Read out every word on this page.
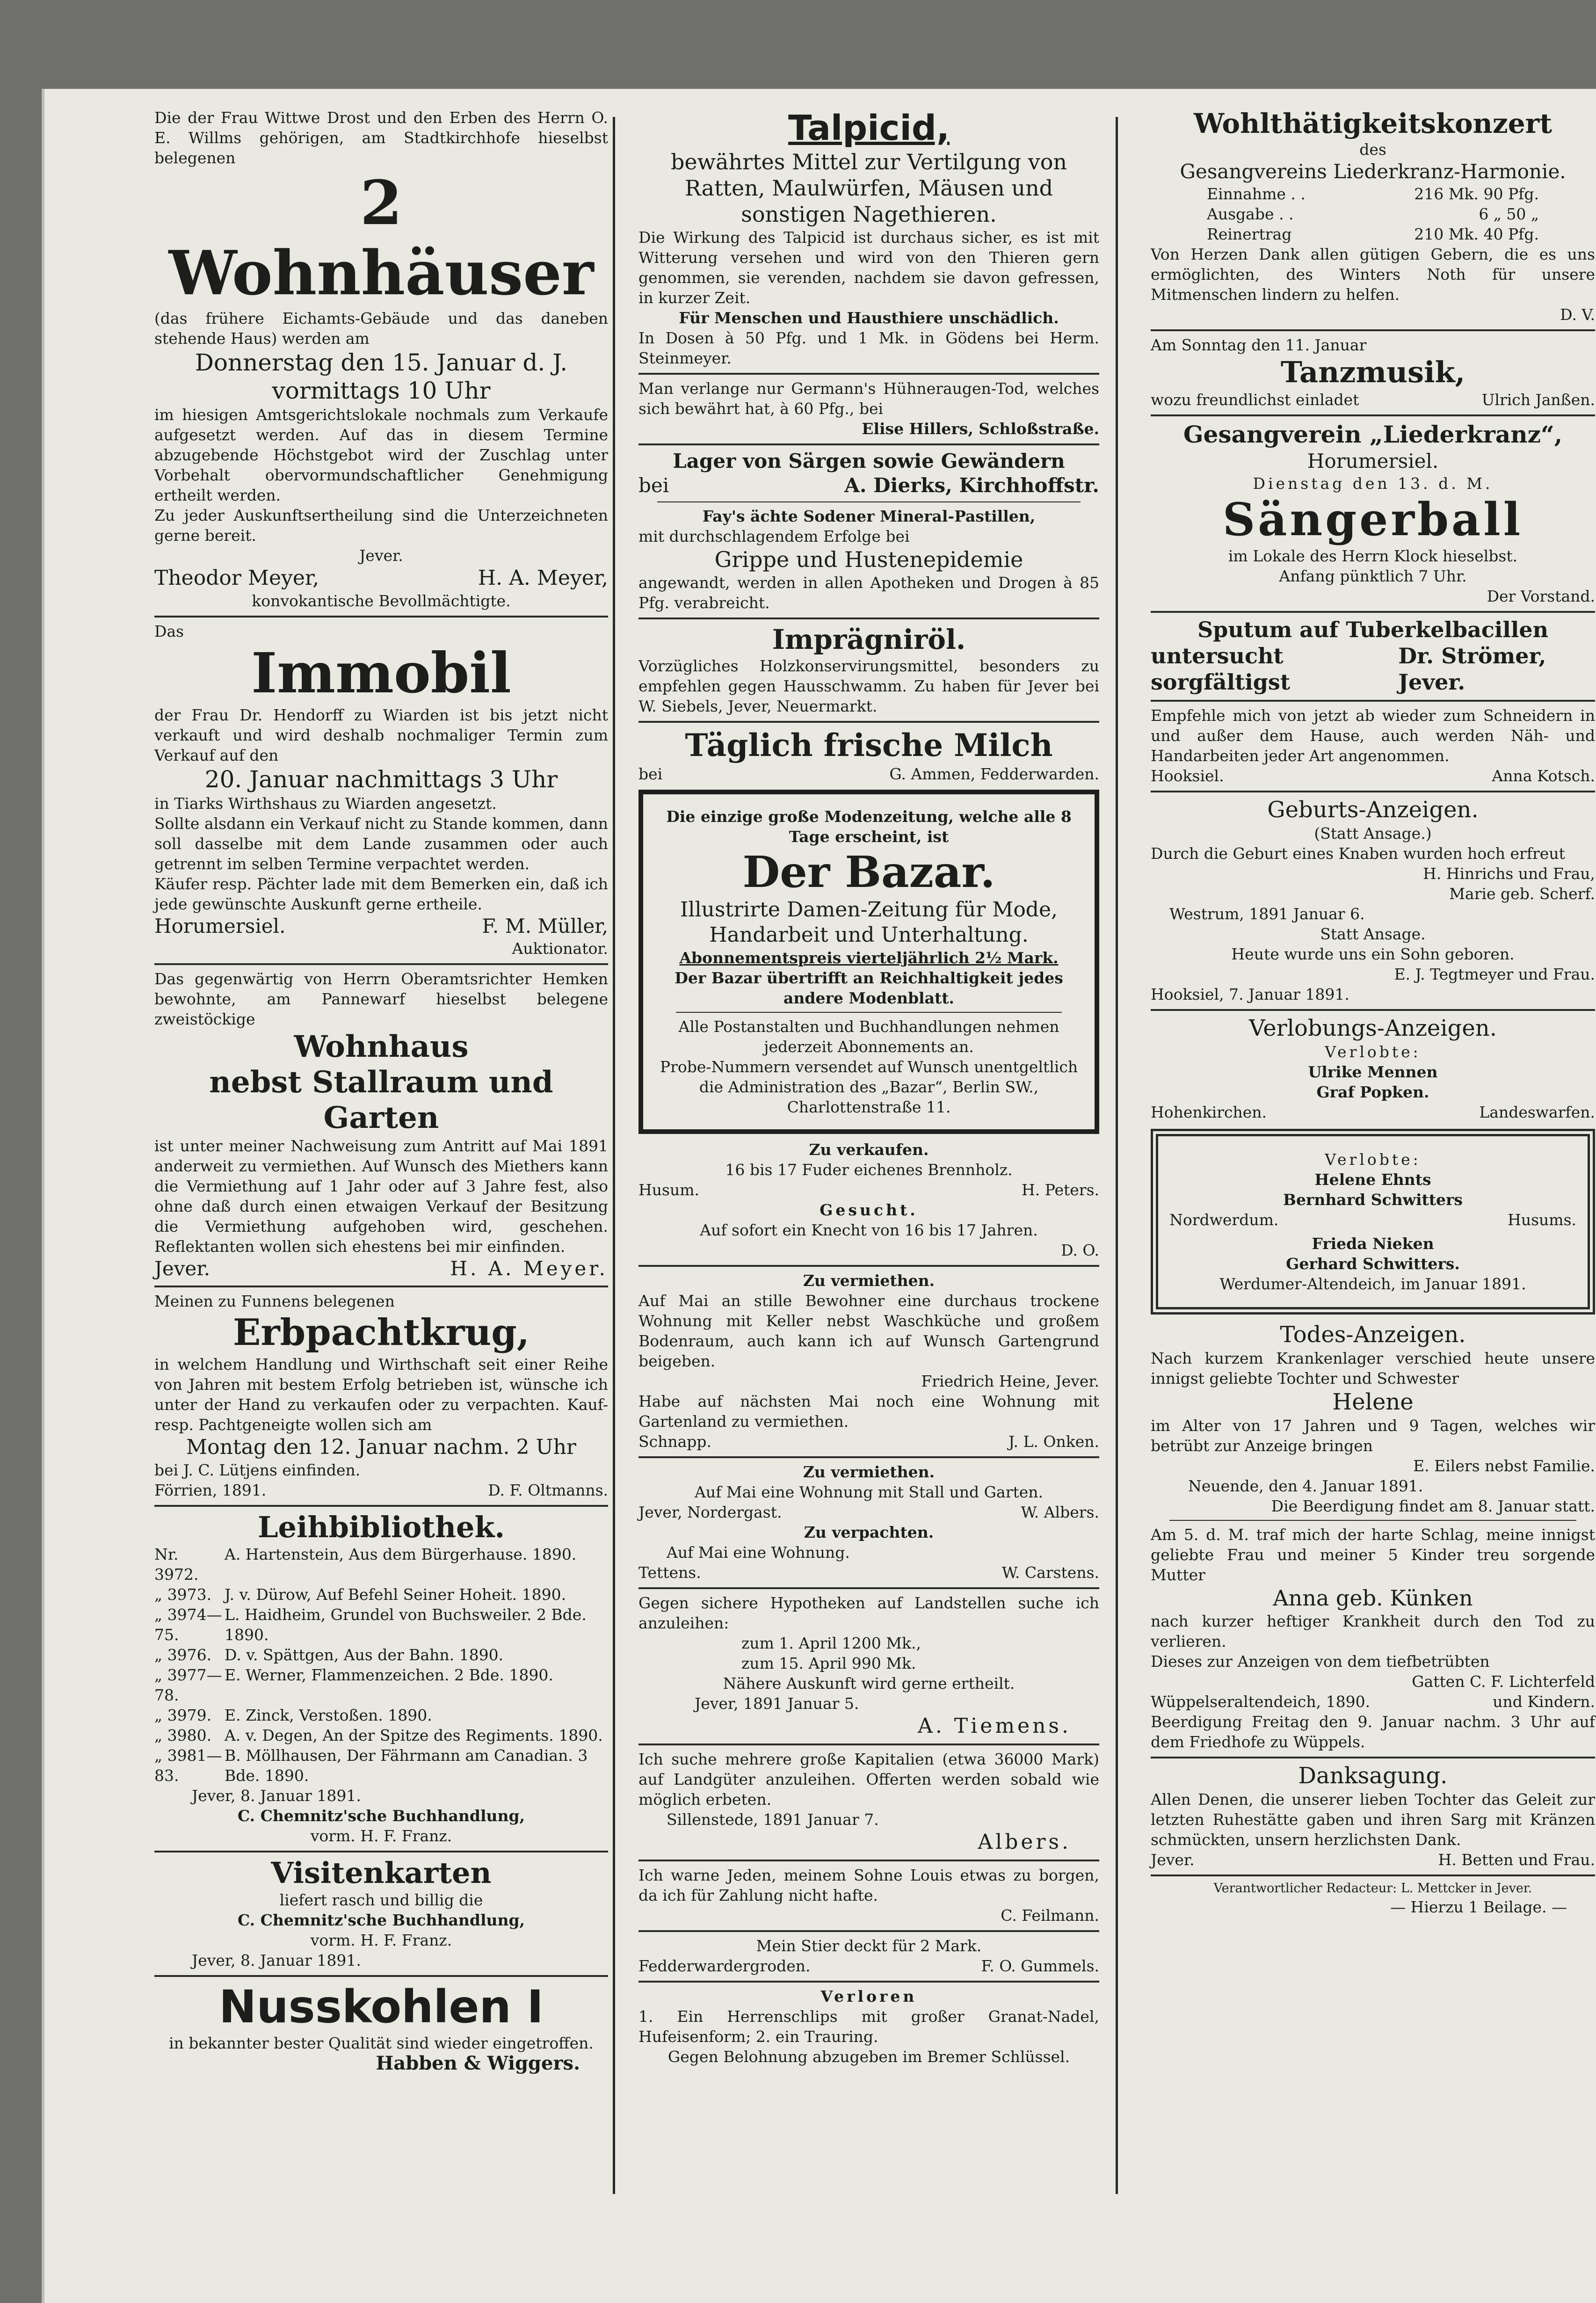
Die der Frau Wittwe Drost und den Erben des Herrn O. E. Willms gehörigen, am Stadtkirchhofe hieselbst belegenen

2 Wohnhäuser

(das frühere Eichamts-Gebäude und das daneben stehende Haus) werden am

Donnerstag den 15. Januar d. J.

vormittags 10 Uhr

im hiesigen Amtsgerichtslokale nochmals zum Verkaufe aufgesetzt werden. Auf das in diesem Termine abzugebende Höchstgebot wird der Zuschlag unter Vorbehalt obervormundschaftlicher Genehmigung ertheilt werden.

Zu jeder Auskunftsertheilung sind die Unterzeichneten gerne bereit.

Jever.

Theodor Meyer,	H. A. Meyer,

konvokantische Bevollmächtigte.

Das

Immobil

der Frau Dr. Hendorff zu Wiarden ist bis jetzt nicht verkauft und wird deshalb nochmaliger Termin zum Verkauf auf den

20. Januar nachmittags 3 Uhr

in Tiarks Wirthshaus zu Wiarden angesetzt.

Sollte alsdann ein Verkauf nicht zu Stande kommen, dann soll dasselbe mit dem Lande zusammen oder auch getrennt im selben Termine verpachtet werden.

Käufer resp. Pächter lade mit dem Bemerken ein, daß ich jede gewünschte Auskunft gerne ertheile.

Horumersiel.	F. M. Müller,

Auktionator.

Das gegenwärtig von Herrn Oberamtsrichter Hemken bewohnte, am Pannewarf hieselbst belegene zweistöckige

Wohnhaus

nebst Stallraum und Garten

ist unter meiner Nachweisung zum Antritt auf Mai 1891 anderweit zu vermiethen. Auf Wunsch des Miethers kann die Vermiethung auf 1 Jahr oder auf 3 Jahre fest, also ohne daß durch einen etwaigen Verkauf der Besitzung die Vermiethung aufgehoben wird, geschehen. Reflektanten wollen sich ehestens bei mir einfinden.

Jever.	H. A. Meyer.

Meinen zu Funnens belegenen

Erbpachtkrug,

in welchem Handlung und Wirthschaft seit einer Reihe von Jahren mit bestem Erfolg betrieben ist, wünsche ich unter der Hand zu verkaufen oder zu verpachten. Kauf- resp. Pachtgeneigte wollen sich am

Montag den 12. Januar nachm. 2 Uhr

bei J. C. Lütjens einfinden.

Förrien, 1891.	D. F. Oltmanns.

Leihbibliothek.

Nr. 3972.
A. Hartenstein, Aus dem Bürgerhause. 1890.
„ 3973. J. v. Dürow, Auf Befehl Seiner Hoheit. 1890.
„ 3974—75.
L. Haidheim, Grundel von Buchsweiler. 2 Bde. 1890.
„ 3976. D. v. Spättgen, Aus der Bahn. 1890.
„ 3977—78.
E. Werner, Flammenzeichen. 2 Bde. 1890.
„ 3979. E. Zinck, Verstoßen. 1890.
„ 3980. A. v. Degen, An der Spitze des Regiments. 1890.
„ 3981—83.
B. Möllhausen, Der Fährmann am Canadian. 3 Bde. 1890.

Jever, 8. Januar 1891.

C. Chemnitz'sche Buchhandlung,

vorm. H. F. Franz.

Visitenkarten

liefert rasch und billig die

C. Chemnitz'sche Buchhandlung,

vorm. H. F. Franz.

Jever, 8. Januar 1891.

Nusskohlen I

in bekannter bester Qualität sind wieder eingetroffen.

Habben & Wiggers.

Talpicid,

bewährtes Mittel zur Vertilgung von Ratten, Maulwürfen, Mäusen und sonstigen Nagethieren.

Die Wirkung des Talpicid ist durchaus sicher, es ist mit Witterung versehen und wird von den Thieren gern genommen, sie verenden, nachdem sie davon gefressen, in kurzer Zeit.

Für Menschen und Hausthiere unschädlich.

In Dosen à 50 Pfg. und 1 Mk. in Gödens bei Herm. Steinmeyer.

Man verlange nur Germann's Hühneraugen-Tod, welches sich bewährt hat, à 60 Pfg., bei

Elise Hillers, Schloßstraße.

Lager von Särgen sowie Gewändern

bei	A. Dierks, Kirchhoffstr.

Fay's ächte Sodener Mineral-Pastillen,

mit durchschlagendem Erfolge bei

Grippe und Hustenepidemie

angewandt, werden in allen Apotheken und Drogen à 85 Pfg. verabreicht.

Imprägniröl.

Vorzügliches Holzkonservirungsmittel, besonders zu empfehlen gegen Hausschwamm. Zu haben für Jever bei W. Siebels, Jever, Neuermarkt.

Täglich frische Milch

bei	G. Ammen, Fedderwarden.

Die einzige große Modenzeitung, welche alle 8 Tage erscheint, ist

Der Bazar.

Illustrirte Damen-Zeitung für Mode, Handarbeit und Unterhaltung.

Abonnementspreis vierteljährlich 2½ Mark.

Der Bazar übertrifft an Reichhaltigkeit jedes andere Modenblatt.

Alle Postanstalten und Buchhandlungen nehmen jederzeit Abonnements an.

Probe-Nummern versendet auf Wunsch unentgeltlich die Administration des „Bazar“, Berlin SW., Charlottenstraße 11.

Zu verkaufen.

16 bis 17 Fuder eichenes Brennholz.

Husum.	H. Peters.

Gesucht.

Auf sofort ein Knecht von 16 bis 17 Jahren.

D. O.

Zu vermiethen.

Auf Mai an stille Bewohner eine durchaus trockene Wohnung mit Keller nebst Waschküche und großem Bodenraum, auch kann ich auf Wunsch Gartengrund beigeben.

Friedrich Heine, Jever.

Habe auf nächsten Mai noch eine Wohnung mit Gartenland zu vermiethen.

Schnapp.	J. L. Onken.

Zu vermiethen.

Auf Mai eine Wohnung mit Stall und Garten.

Jever, Nordergast.	W. Albers.

Zu verpachten.

Auf Mai eine Wohnung.

Tettens.	W. Carstens.

Gegen sichere Hypotheken auf Landstellen suche ich anzuleihen:

zum 1. April 1200 Mk.,

zum 15. April 990 Mk.

Nähere Auskunft wird gerne ertheilt.

Jever, 1891 Januar 5.

A. Tiemens.

Ich suche mehrere große Kapitalien (etwa 36000 Mark) auf Landgüter anzuleihen. Offerten werden sobald wie möglich erbeten.

Sillenstede, 1891 Januar 7.

Albers.

Ich warne Jeden, meinem Sohne Louis etwas zu borgen, da ich für Zahlung nicht hafte.

C. Feilmann.

Mein Stier deckt für 2 Mark.

Fedderwardergroden.	F. O. Gummels.

Verloren

1. Ein Herrenschlips mit großer Granat-Nadel, Hufeisenform; 2. ein Trauring.

Gegen Belohnung abzugeben im Bremer Schlüssel.

Wohlthätigkeitskonzert

des

Gesangvereins Liederkranz-Harmonie.

Einnahme . .	216 Mk. 90 Pfg.
Ausgabe . .	6 „ 50 „
Reinertrag	210 Mk. 40 Pfg.

Von Herzen Dank allen gütigen Gebern, die es uns ermöglichten, des Winters Noth für unsere Mitmenschen lindern zu helfen.

D. V.

Am Sonntag den 11. Januar

Tanzmusik,

wozu freundlichst einladet	Ulrich Janßen.

Gesangverein „Liederkranz“,

Horumersiel.

Dienstag den 13. d. M.

Sängerball

im Lokale des Herrn Klock hieselbst.

Anfang pünktlich 7 Uhr.

Der Vorstand.

Sputum auf Tuberkelbacillen

untersucht sorgfältigst
Dr. Strömer, Jever.

Empfehle mich von jetzt ab wieder zum Schneidern in und außer dem Hause, auch werden Näh- und Handarbeiten jeder Art angenommen.

Hooksiel.	Anna Kotsch.

Geburts-Anzeigen.

(Statt Ansage.)

Durch die Geburt eines Knaben wurden hoch erfreut

H. Hinrichs und Frau,

Marie geb. Scherf.

Westrum, 1891 Januar 6.

Statt Ansage.

Heute wurde uns ein Sohn geboren.

E. J. Tegtmeyer und Frau.

Hooksiel, 7. Januar 1891.

Verlobungs-Anzeigen.

Verlobte:

Ulrike Mennen

Graf Popken.

Hohenkirchen.	Landeswarfen.

Verlobte:

Helene Ehnts

Bernhard Schwitters

Nordwerdum.	Husums.

Frieda Nieken

Gerhard Schwitters.

Werdumer-Altendeich, im Januar 1891.

Todes-Anzeigen.

Nach kurzem Krankenlager verschied heute unsere innigst geliebte Tochter und Schwester

Helene

im Alter von 17 Jahren und 9 Tagen, welches wir betrübt zur Anzeige bringen

E. Eilers nebst Familie.

Neuende, den 4. Januar 1891.

Die Beerdigung findet am 8. Januar statt.

Am 5. d. M. traf mich der harte Schlag, meine innigst geliebte Frau und meiner 5 Kinder treu sorgende Mutter

Anna geb. Künken

nach kurzer heftiger Krankheit durch den Tod zu verlieren.

Dieses zur Anzeigen von dem tiefbetrübten

Gatten C. F. Lichterfeld

Wüppelseraltendeich, 1890.	und Kindern.

Beerdigung Freitag den 9. Januar nachm. 3 Uhr auf dem Friedhofe zu Wüppels.

Danksagung.

Allen Denen, die unserer lieben Tochter das Geleit zur letzten Ruhestätte gaben und ihren Sarg mit Kränzen schmückten, unsern herzlichsten Dank.

Jever.	H. Betten und Frau.

Verantwortlicher Redacteur: L. Mettcker in Jever.

— Hierzu 1 Beilage. —
